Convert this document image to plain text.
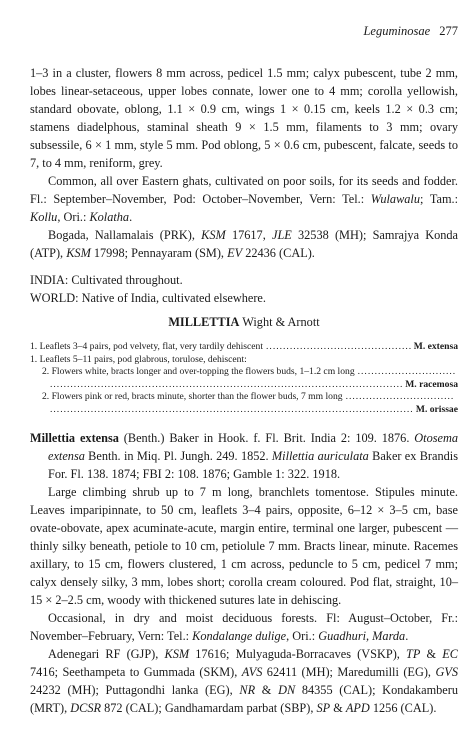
Leguminosae 277

1–3 in a cluster, flowers 8 mm across, pedicel 1.5 mm; calyx pubescent, tube 2 mm, lobes linear-setaceous, upper lobes connate, lower one to 4 mm; corolla yellowish, standard obovate, oblong, 1.1 × 0.9 cm, wings 1 × 0.15 cm, keels 1.2 × 0.3 cm; stamens diadelphous, staminal sheath 9 × 1.5 mm, filaments to 3 mm; ovary subsessile, 6 × 1 mm, style 5 mm. Pod oblong, 5 × 0.6 cm, pubescent, falcate, seeds to 7, to 4 mm, reniform, grey.

Common, all over Eastern ghats, cultivated on poor soils, for its seeds and fodder. Fl.: September–November, Pod: October–November, Vern: Tel.: Wulawalu; Tam.: Kollu, Ori.: Kolatha.

Bogada, Nallamalais (PRK), KSM 17617, JLE 32538 (MH); Samrajya Konda (ATP), KSM 17998; Pennayaram (SM), EV 22436 (CAL).

INDIA: Cultivated throughout.

WORLD: Native of India, cultivated elsewhere.

MILLETTIA Wight & Arnott
1. Leaflets 3–4 pairs, pod velvety, flat, very tardily dehiscent
.....	M. extensa
1. Leaflets 5–11 pairs, pod glabrous, torulose, dehiscent:
2. Flowers white, bracts longer and over-topping the flowers buds, 1–1.2 cm long
.....
.....
M. racemosa
2. Flowers pink or red, bracts minute, shorter than the flower buds, 7 mm long
.....
.....
M. orissae

Millettia extensa (Benth.) Baker in Hook. f. Fl. Brit. India 2: 109. 1876. Otosema extensa Benth. in Miq. Pl. Jungh. 249. 1852. Millettia auriculata Baker ex Brandis For. Fl. 138. 1874; FBI 2: 108. 1876; Gamble 1: 322. 1918.

Large climbing shrub up to 7 m long, branchlets tomentose. Stipules minute. Leaves imparipinnate, to 50 cm, leaflets 3–4 pairs, opposite, 6–12 × 3–5 cm, base ovate-obovate, apex acuminate-acute, margin entire, terminal one larger, pubescent — thinly silky beneath, petiole to 10 cm, petiolule 7 mm. Bracts linear, minute. Racemes axillary, to 15 cm, flowers clustered, 1 cm across, peduncle to 5 cm, pedicel 7 mm; calyx densely silky, 3 mm, lobes short; corolla cream coloured. Pod flat, straight, 10–15 × 2–2.5 cm, woody with thickened sutures late in dehiscing.

Occasional, in dry and moist deciduous forests. Fl: August–October, Fr.: November–February, Vern: Tel.: Kondalange dulige, Ori.: Guadhuri, Marda.

Adenegari RF (GJP), KSM 17616; Mulyaguda-Borracaves (VSKP), TP & EC 7416; Seethampeta to Gummada (SKM), AVS 62411 (MH); Maredumilli (EG), GVS 24232 (MH); Puttagondhi lanka (EG), NR & DN 84355 (CAL); Kondakamberu (MRT), DCSR 872 (CAL); Gandhamardam parbat (SBP), SP & APD 1256 (CAL).
